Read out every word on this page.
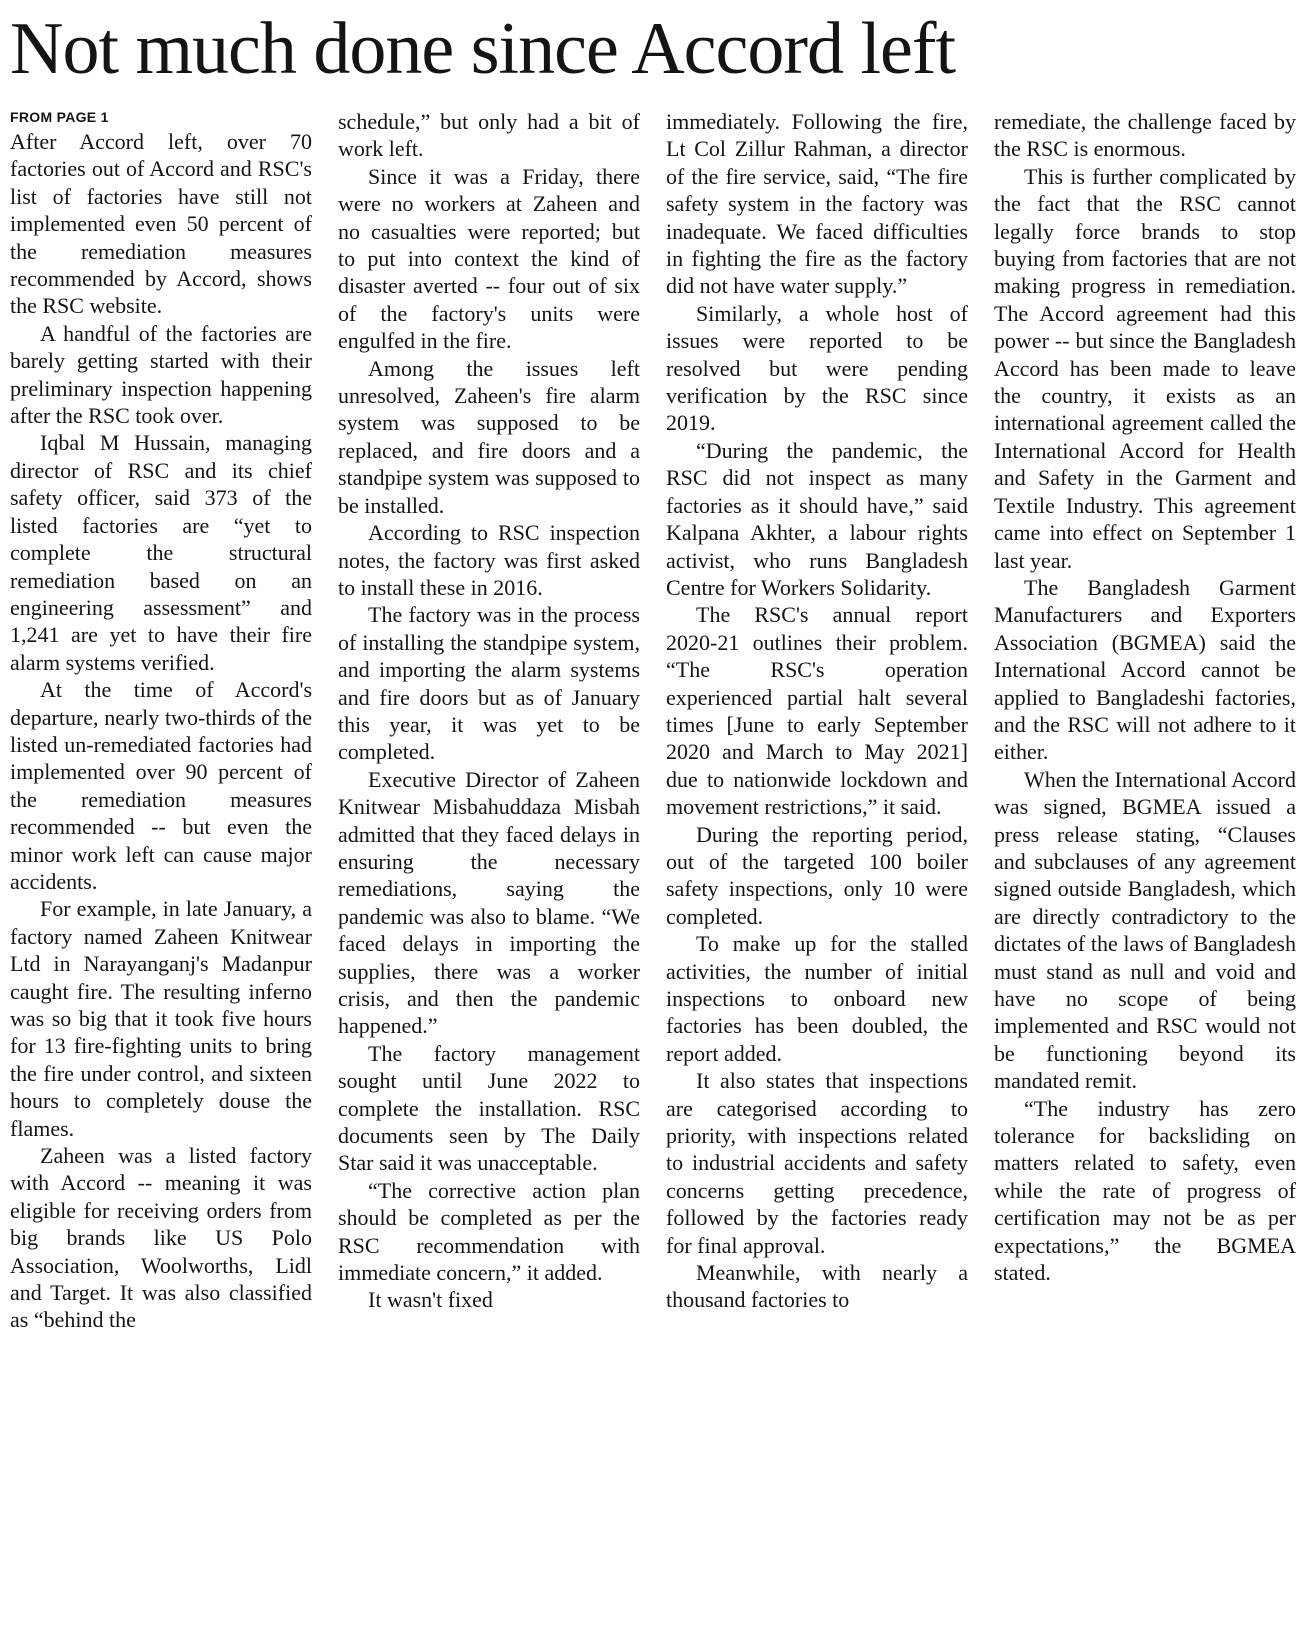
Not much done since Accord left
FROM PAGE 1

After Accord left, over 70 factories out of Accord and RSC's list of factories have still not implemented even 50 percent of the remediation measures recommended by Accord, shows the RSC website.

A handful of the factories are barely getting started with their preliminary inspection happening after the RSC took over.

Iqbal M Hussain, managing director of RSC and its chief safety officer, said 373 of the listed factories are “yet to complete the structural remediation based on an engineering assessment” and 1,241 are yet to have their fire alarm systems verified.

At the time of Accord's departure, nearly two-thirds of the listed un-remediated factories had implemented over 90 percent of the remediation measures recommended -- but even the minor work left can cause major accidents.

For example, in late January, a factory named Zaheen Knitwear Ltd in Narayanganj's Madanpur caught fire. The resulting inferno was so big that it took five hours for 13 fire-fighting units to bring the fire under control, and sixteen hours to completely douse the flames.

Zaheen was a listed factory with Accord -- meaning it was eligible for receiving orders from big brands like US Polo Association, Woolworths, Lidl and Target. It was also classified as “behind the

schedule,” but only had a bit of work left.

Since it was a Friday, there were no workers at Zaheen and no casualties were reported; but to put into context the kind of disaster averted -- four out of six of the factory's units were engulfed in the fire.

Among the issues left unresolved, Zaheen's fire alarm system was supposed to be replaced, and fire doors and a standpipe system was supposed to be installed.

According to RSC inspection notes, the factory was first asked to install these in 2016.

The factory was in the process of installing the standpipe system, and importing the alarm systems and fire doors but as of January this year, it was yet to be completed.

Executive Director of Zaheen Knitwear Misbahuddaza Misbah admitted that they faced delays in ensuring the necessary remediations, saying the pandemic was also to blame. “We faced delays in importing the supplies, there was a worker crisis, and then the pandemic happened.”

The factory management sought until June 2022 to complete the installation. RSC documents seen by The Daily Star said it was unacceptable.

“The corrective action plan should be completed as per the RSC recommendation with immediate concern,” it added.

It wasn't fixed

immediately. Following the fire, Lt Col Zillur Rahman, a director of the fire service, said, “The fire safety system in the factory was inadequate. We faced difficulties in fighting the fire as the factory did not have water supply.”

Similarly, a whole host of issues were reported to be resolved but were pending verification by the RSC since 2019.

“During the pandemic, the RSC did not inspect as many factories as it should have,” said Kalpana Akhter, a labour rights activist, who runs Bangladesh Centre for Workers Solidarity.

The RSC's annual report 2020-21 outlines their problem. “The RSC's operation experienced partial halt several times [June to early September 2020 and March to May 2021] due to nationwide lockdown and movement restrictions,” it said.

During the reporting period, out of the targeted 100 boiler safety inspections, only 10 were completed.

To make up for the stalled activities, the number of initial inspections to onboard new factories has been doubled, the report added.

It also states that inspections are categorised according to priority, with inspections related to industrial accidents and safety concerns getting precedence, followed by the factories ready for final approval.

Meanwhile, with nearly a thousand factories to

remediate, the challenge faced by the RSC is enormous.

This is further complicated by the fact that the RSC cannot legally force brands to stop buying from factories that are not making progress in remediation. The Accord agreement had this power -- but since the Bangladesh Accord has been made to leave the country, it exists as an international agreement called the International Accord for Health and Safety in the Garment and Textile Industry. This agreement came into effect on September 1 last year.

The Bangladesh Garment Manufacturers and Exporters Association (BGMEA) said the International Accord cannot be applied to Bangladeshi factories, and the RSC will not adhere to it either.

When the International Accord was signed, BGMEA issued a press release stating, “Clauses and subclauses of any agreement signed outside Bangladesh, which are directly contradictory to the dictates of the laws of Bangladesh must stand as null and void and have no scope of being implemented and RSC would not be functioning beyond its mandated remit.

“The industry has zero tolerance for backsliding on matters related to safety, even while the rate of progress of certification may not be as per expectations,” the BGMEA stated.
